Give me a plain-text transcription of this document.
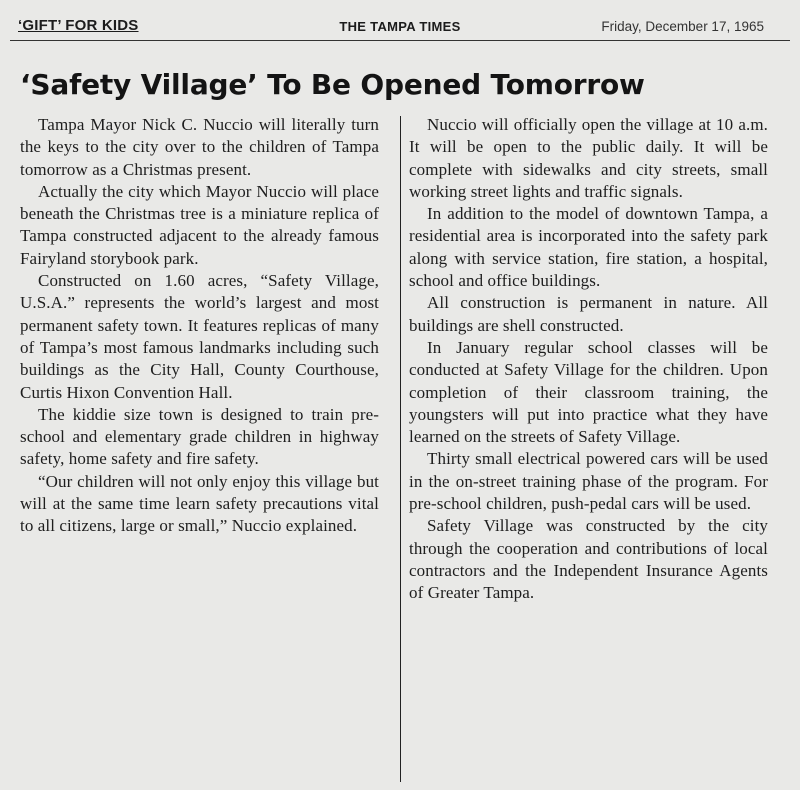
‘GIFT’ FOR KIDS	THE TAMPA TIMES	Friday, December 17, 1965
‘Safety Village’ To Be Opened Tomorrow

Tampa Mayor Nick C. Nuccio will literally turn the keys to the city over to the children of Tampa tomorrow as a Christmas present.

Actually the city which Mayor Nuccio will place beneath the Christmas tree is a miniature replica of Tampa constructed adjacent to the already famous Fairyland storybook park.

Constructed on 1.60 acres, “Safety Village, U.S.A.” represents the world’s largest and most permanent safety town. It features replicas of many of Tampa’s most famous landmarks including such buildings as the City Hall, County Courthouse, Curtis Hixon Convention Hall.

The kiddie size town is designed to train pre-school and elementary grade children in highway safety, home safety and fire safety.

“Our children will not only enjoy this village but will at the same time learn safety precautions vital to all citizens, large or small,” Nuccio explained.

Nuccio will officially open the village at 10 a.m. It will be open to the public daily. It will be complete with sidewalks and city streets, small working street lights and traffic signals.

In addition to the model of downtown Tampa, a residential area is incorporated into the safety park along with service station, fire station, a hospital, school and office buildings.

All construction is permanent in nature. All buildings are shell constructed.

In January regular school classes will be conducted at Safety Village for the children. Upon completion of their classroom training, the youngsters will put into practice what they have learned on the streets of Safety Village.

Thirty small electrical powered cars will be used in the on-street training phase of the program. For pre-school children, push-pedal cars will be used.

Safety Village was constructed by the city through the cooperation and contributions of local contractors and the Independent Insurance Agents of Greater Tampa.
